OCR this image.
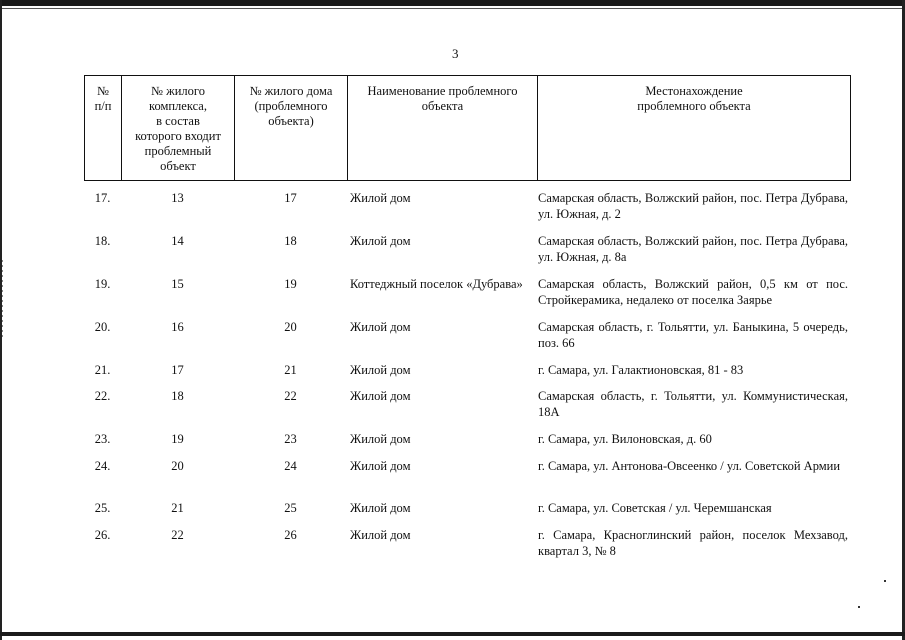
3
№
п/п	№ жилого
комплекса,
в состав
которого входит
проблемный
объект	№ жилого дома
(проблемного
объекта)	Наименование проблемного
объекта	Местонахождение
проблемного объекта
17.	13	17	Жилой дом	Самарская область, Волжский район, пос. Петра Дубрава, ул. Южная, д. 2
18.	14	18	Жилой дом	Самарская область, Волжский район, пос. Петра Дубрава, ул. Южная, д. 8а
19.	15	19	Коттеджный поселок «Дубрава»	Самарская область, Волжский район, 0,5 км от пос. Стройкерамика, недалеко от поселка Заярье
20.	16	20	Жилой дом	Самарская область, г. Тольятти, ул. Баныкина, 5 очередь, поз. 66
21.	17	21	Жилой дом	г. Самара, ул. Галактионовская, 81 - 83
22.	18	22	Жилой дом	Самарская область, г. Тольятти, ул. Коммунистическая, 18А
23.	19	23	Жилой дом	г. Самара, ул. Вилоновская, д. 60
24.	20	24	Жилой дом	г. Самара, ул. Антонова-Овсеенко / ул. Советской Армии
25.	21	25	Жилой дом	г. Самара, ул. Советская / ул. Черемшанская
26.	22	26	Жилой дом	г. Самара, Красноглинский район, поселок Мехзавод, квартал 3, № 8
